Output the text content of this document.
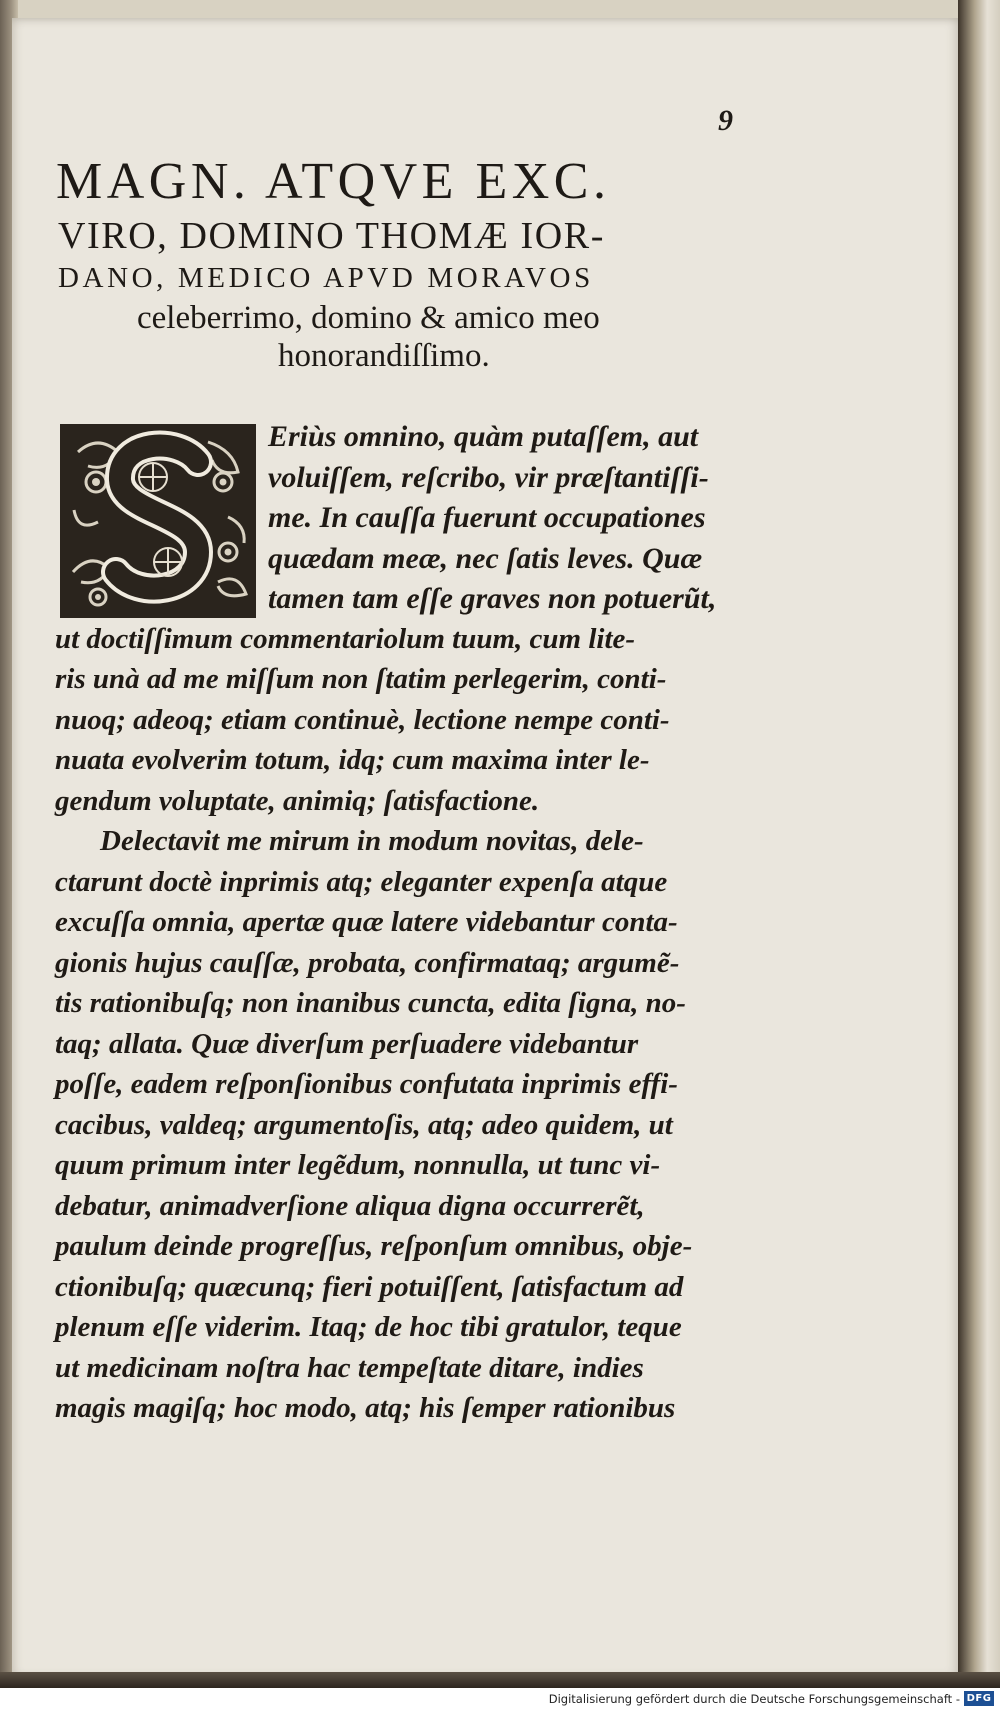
9
MAGN. ATQVE EXC.
VIRO, DOMINO THOMÆ IOR-
DANO, MEDICO APVD MORAVOS
celeberrimo, domino & amico meo
honorandiſſimo.
Eriùs omnino, quàm putaſſem, aut
voluiſſem, reſcribo, vir præſtantiſſi-
me. In cauſſa fuerunt occupationes
quædam meæ, nec ſatis leves. Quæ
tamen tam eſſe graves non potuerũt,
ut doctiſſimum commentariolum tuum, cum lite-
ris unà ad me miſſum non ſtatim perlegerim, conti-
nuoq; adeoq; etiam continuè, lectione nempe conti-
nuata evolverim totum, idq; cum maxima inter le-
gendum voluptate, animiq; ſatisfactione.
Delectavit me mirum in modum novitas, dele-
ctarunt doctè inprimis atq; eleganter expenſa atque
excuſſa omnia, apertæ quæ latere videbantur conta-
gionis hujus cauſſæ, probata, confirmataq; argumẽ-
tis rationibuſq; non inanibus cuncta, edita ſigna, no-
taq; allata. Quæ diverſum perſuadere videbantur
poſſe, eadem reſponſionibus confutata inprimis effi-
cacibus, valdeq; argumentoſis, atq; adeo quidem, ut
quum primum inter legẽdum, nonnulla, ut tunc vi-
debatur, animadverſione aliqua digna occurrerẽt,
paulum deinde progreſſus, reſponſum omnibus, obje-
ctionibuſq; quæcunq; fieri potuiſſent, ſatisfactum ad
plenum eſſe viderim. Itaq; de hoc tibi gratulor, teque
ut medicinam noſtra hac tempeſtate ditare, indies
magis magiſq; hoc modo, atq; his ſemper rationibus
Digitalisierung gefördert durch die Deutsche Forschungsgemeinschaft - DFG
